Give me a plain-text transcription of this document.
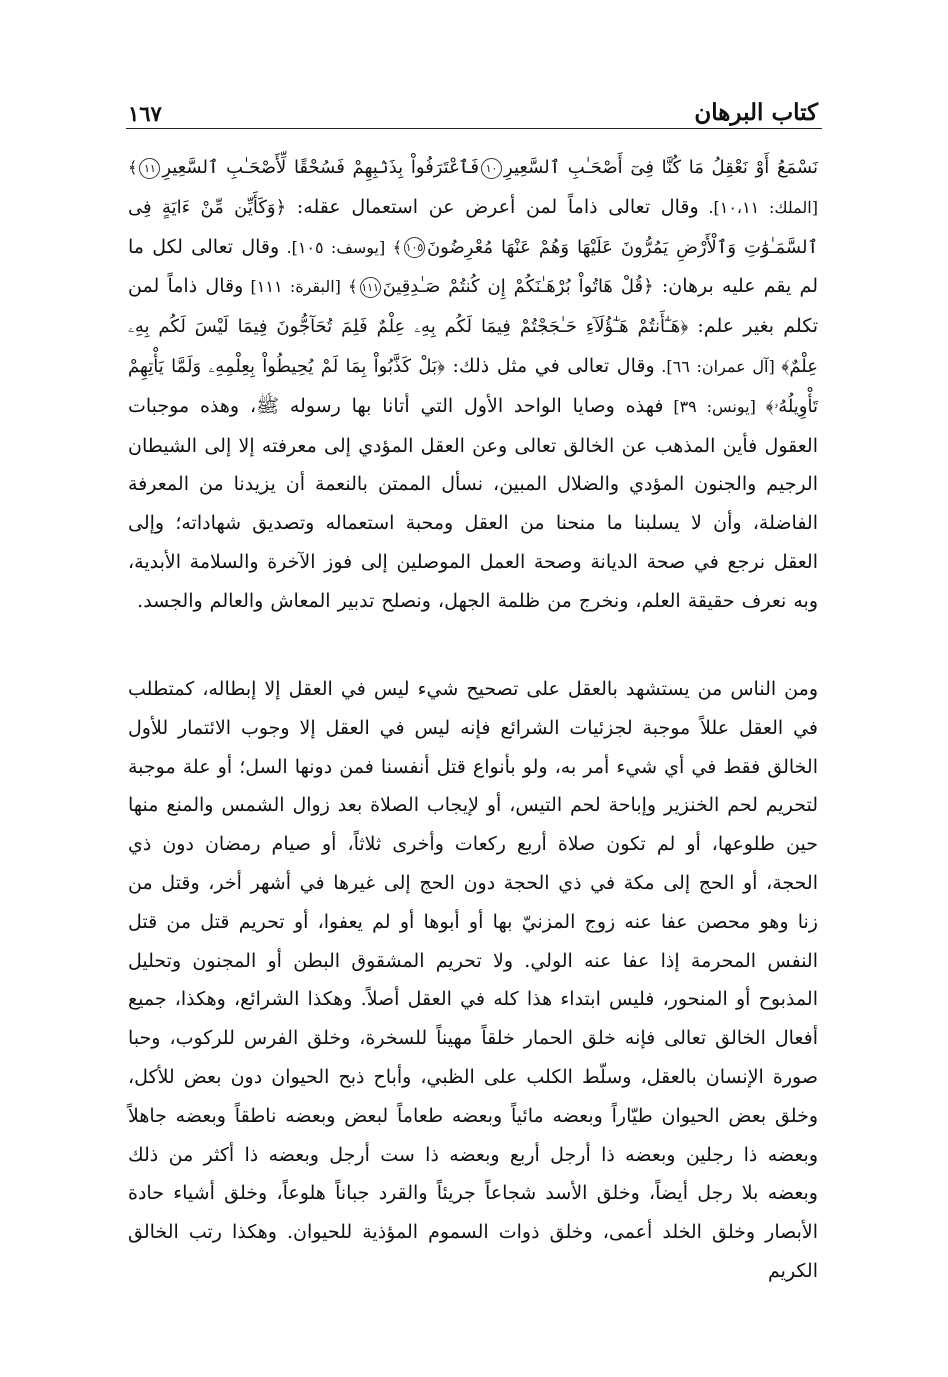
كتاب البرهان
١٦٧

نَسْمَعُ أَوْ نَعْقِلُ مَا كُنَّا فِىٓ أَصْحَـٰبِ ٱلسَّعِيرِ١٠فَٱعْتَرَفُواْ بِذَنۢبِهِمْ فَسُحْقًا لِّأَصْحَـٰبِ ٱلسَّعِيرِ١١﴾ [الملك: ١٠،١١]. وقال تعالى ذاماً لمن أعرض عن استعمال عقله: ﴿وَكَأَيِّن مِّنْ ءَايَةٍ فِى ٱلسَّمَـٰوَٰتِ وَٱلْأَرْضِ يَمُرُّونَ عَلَيْهَا وَهُمْ عَنْهَا مُعْرِضُونَ١٠٥﴾ [يوسف: ١٠٥]. وقال تعالى لكل ما لم يقم عليه برهان: ﴿قُلْ هَاتُواْ بُرْهَـٰنَكُمْ إِن كُنتُمْ صَـٰدِقِينَ١١١﴾ [البقرة: ١١١] وقال ذاماً لمن تكلم بغير علم: ﴿هَـٰٓأَنتُمْ هَـٰٓؤُلَآءِ حَـٰجَجْتُمْ فِيمَا لَكُم بِهِۦ عِلْمٌ فَلِمَ تُحَآجُّونَ فِيمَا لَيْسَ لَكُم بِهِۦ عِلْمٌ﴾ [آل عمران: ٦٦]. وقال تعالى في مثل ذلك: ﴿بَلْ كَذَّبُواْ بِمَا لَمْ يُحِيطُواْ بِعِلْمِهِۦ وَلَمَّا يَأْتِهِمْ تَأْوِيلُهُۥ﴾ [يونس: ٣٩] فهذه وصايا الواحد الأول التي أتانا بها رسوله ﷺ، وهذه موجبات العقول فأين المذهب عن الخالق تعالى وعن العقل المؤدي إلى معرفته إلا إلى الشيطان الرجيم والجنون المؤدي والضلال المبين، نسأل الممتن بالنعمة أن يزيدنا من المعرفة الفاضلة، وأن لا يسلبنا ما منحنا من العقل ومحبة استعماله وتصديق شهاداته؛ وإلى العقل نرجع في صحة الديانة وصحة العمل الموصلين إلى فوز الآخرة والسلامة الأبدية، وبه نعرف حقيقة العلم، ونخرج من ظلمة الجهل، ونصلح تدبير المعاش والعالم والجسد.

ومن الناس من يستشهد بالعقل على تصحيح شيء ليس في العقل إلا إبطاله، كمتطلب في العقل عللاً موجبة لجزئيات الشرائع فإنه ليس في العقل إلا وجوب الائتمار للأول الخالق فقط في أي شيء أمر به، ولو بأنواع قتل أنفسنا فمن دونها السل؛ أو علة موجبة لتحريم لحم الخنزير وإباحة لحم التيس، أو لإيجاب الصلاة بعد زوال الشمس والمنع منها حين طلوعها، أو لم تكون صلاة أربع ركعات وأخرى ثلاثاً، أو صيام رمضان دون ذي الحجة، أو الحج إلى مكة في ذي الحجة دون الحج إلى غيرها في أشهر أخر، وقتل من زنا وهو محصن عفا عنه زوج المزنيّ بها أو أبوها أو لم يعفوا، أو تحريم قتل من قتل النفس المحرمة إذا عفا عنه الولي. ولا تحريم المشقوق البطن أو المجنون وتحليل المذبوح أو المنحور، فليس ابتداء هذا كله في العقل أصلاً. وهكذا الشرائع، وهكذا، جميع أفعال الخالق تعالى فإنه خلق الحمار خلقاً مهيناً للسخرة، وخلق الفرس للركوب، وحبا صورة الإنسان بالعقل، وسلّط الكلب على الظبي، وأباح ذبح الحيوان دون بعض للأكل، وخلق بعض الحيوان طيّاراً وبعضه مائياً وبعضه طعاماً لبعض وبعضه ناطقاً وبعضه جاهلاً وبعضه ذا رجلين وبعضه ذا أرجل أربع وبعضه ذا ست أرجل وبعضه ذا أكثر من ذلك وبعضه بلا رجل أيضاً، وخلق الأسد شجاعاً جريئاً والقرد جباناً هلوعاً، وخلق أشياء حادة الأبصار وخلق الخلد أعمى، وخلق ذوات السموم المؤذية للحيوان. وهكذا رتب الخالق الكريم
